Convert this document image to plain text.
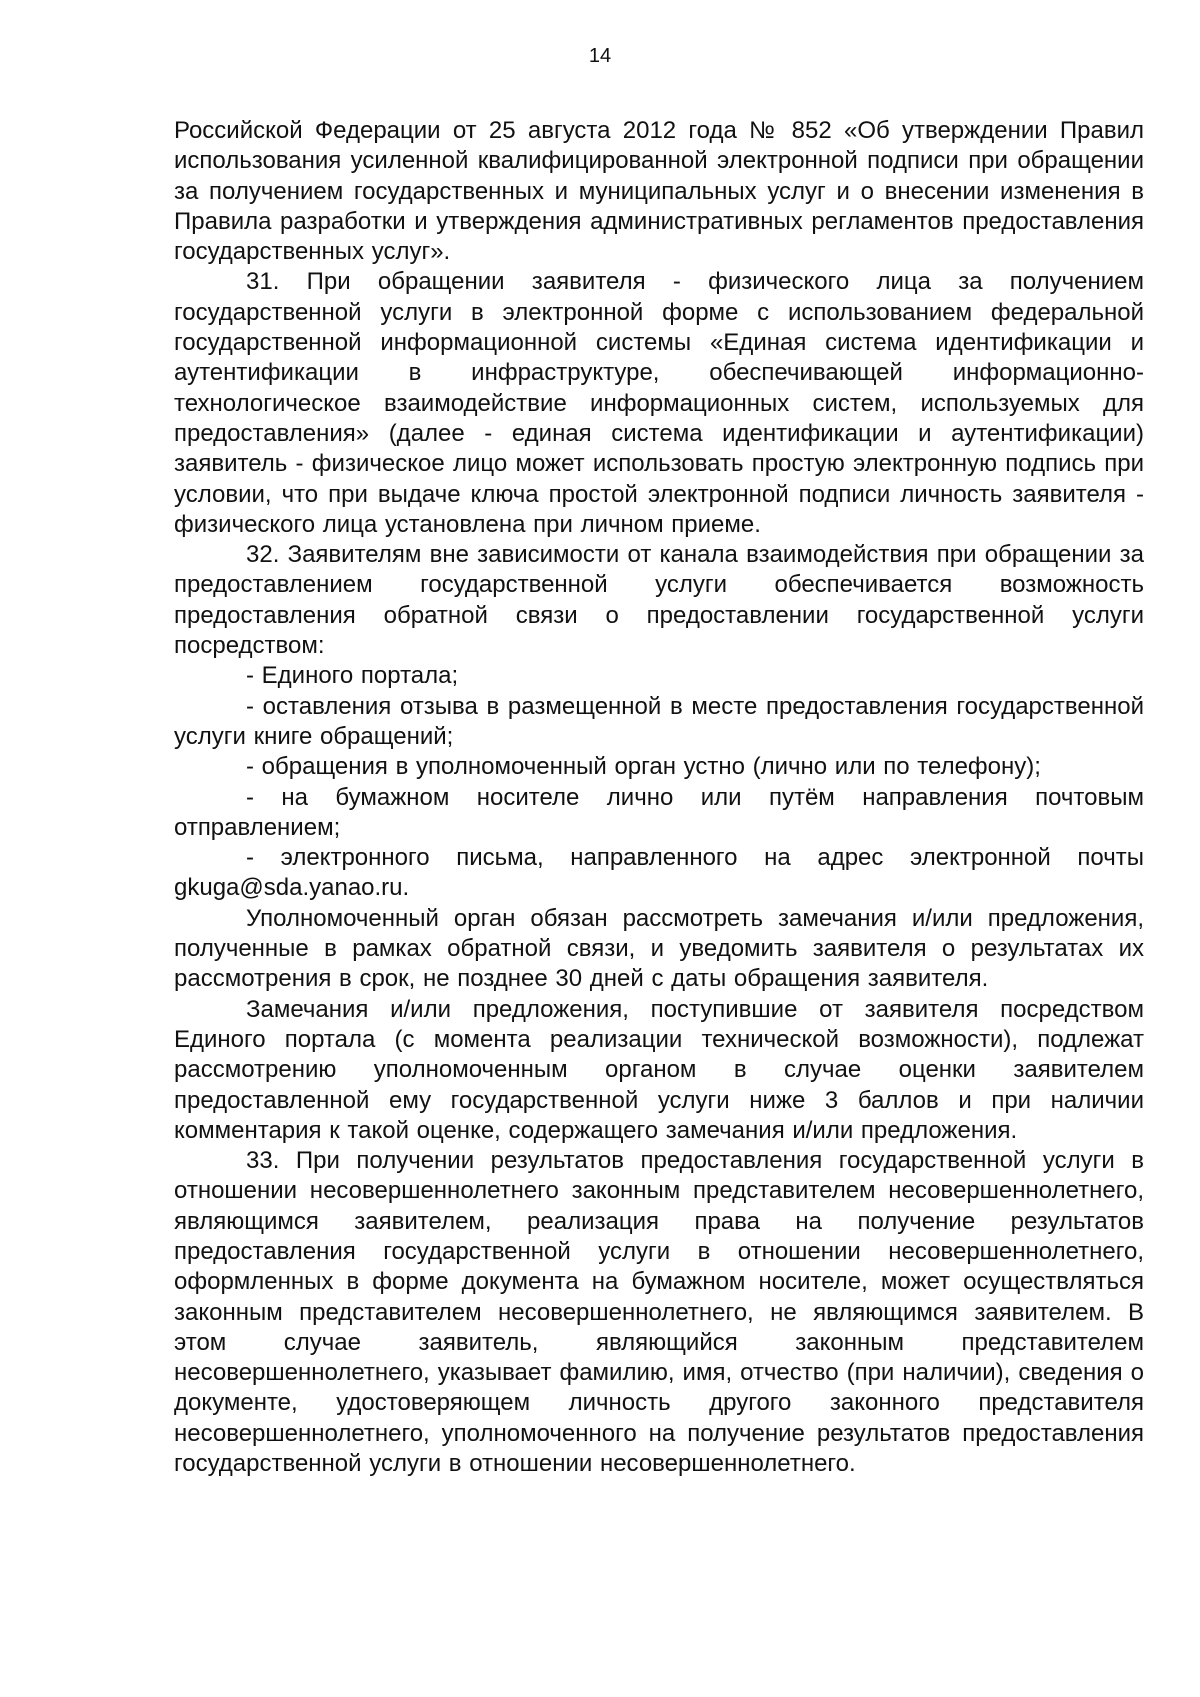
14

Российской Федерации от 25 августа 2012 года № 852 «Об утверждении Правил использования усиленной квалифицированной электронной подписи при обращении за получением государственных и муниципальных услуг и о внесении изменения в Правила разработки и утверждения административных регламентов предоставления государственных услуг».

31. При обращении заявителя - физического лица за получением государственной услуги в электронной форме с использованием федеральной государственной информационной системы «Единая система идентификации и аутентификации в инфраструктуре, обеспечивающей информационно-технологическое взаимодействие информационных систем, используемых для предоставления» (далее - единая система идентификации и аутентификации) заявитель - физическое лицо может использовать простую электронную подпись при условии, что при выдаче ключа простой электронной подписи личность заявителя - физического лица установлена при личном приеме.

32. Заявителям вне зависимости от канала взаимодействия при обращении за предоставлением государственной услуги обеспечивается возможность предоставления обратной связи о предоставлении государственной услуги посредством:

- Единого портала;

- оставления отзыва в размещенной в месте предоставления государственной услуги книге обращений;

- обращения в уполномоченный орган устно (лично или по телефону);

- на бумажном носителе лично или путём направления почтовым отправлением;

- электронного письма, направленного на адрес электронной почты gkuga@sda.yanao.ru.

Уполномоченный орган обязан рассмотреть замечания и/или предложения, полученные в рамках обратной связи, и уведомить заявителя о результатах их рассмотрения в срок, не позднее 30 дней с даты обращения заявителя.

Замечания и/или предложения, поступившие от заявителя посредством Единого портала (с момента реализации технической возможности), подлежат рассмотрению уполномоченным органом в случае оценки заявителем предоставленной ему государственной услуги ниже 3 баллов и при наличии комментария к такой оценке, содержащего замечания и/или предложения.

33. При получении результатов предоставления государственной услуги в отношении несовершеннолетнего законным представителем несовершеннолетнего, являющимся заявителем, реализация права на получение результатов предоставления государственной услуги в отношении несовершеннолетнего, оформленных в форме документа на бумажном носителе, может осуществляться законным представителем несовершеннолетнего, не являющимся заявителем. В этом случае заявитель, являющийся законным представителем несовершеннолетнего, указывает фамилию, имя, отчество (при наличии), сведения о документе, удостоверяющем личность другого законного представителя несовершеннолетнего, уполномоченного на получение результатов предоставления государственной услуги в отношении несовершеннолетнего.
